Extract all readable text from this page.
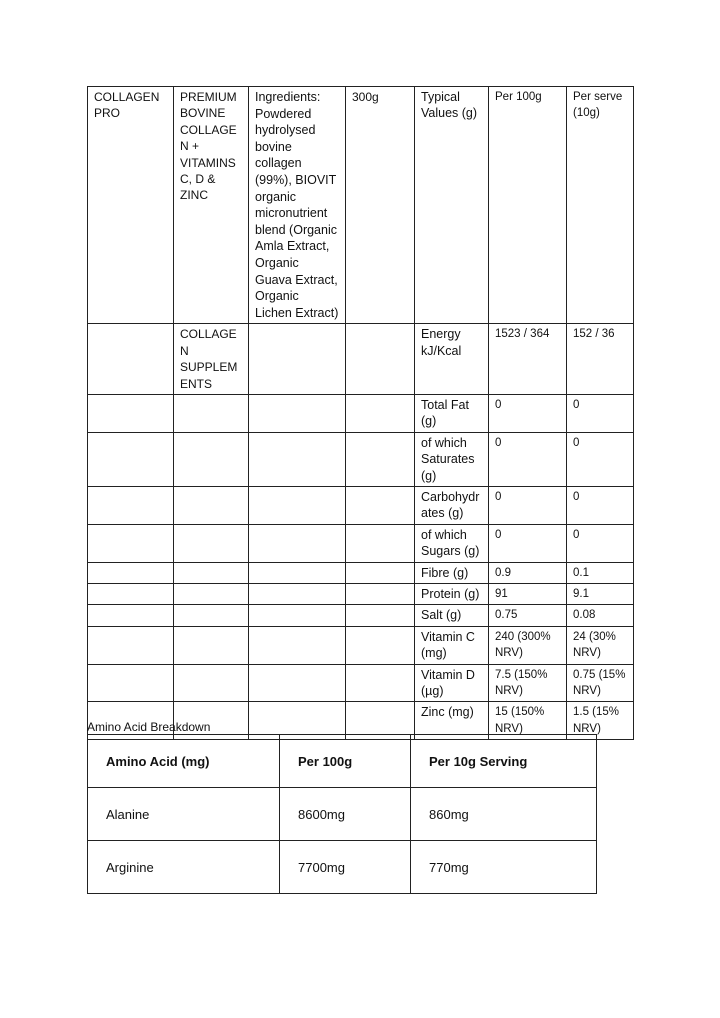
COLLAGENPRO	PREMIUM BOVINE COLLAGEN + VITAMINS C, D & ZINC	Ingredients: Powdered hydrolysed bovine collagen (99%), BIOVIT organic micronutrient blend (Organic Amla Extract, Organic Guava Extract, Organic Lichen Extract)	300g	Typical Values (g)	Per 100g	Per serve (10g)
	COLLAGEN SUPPLEMENTS			Energy kJ/Kcal	1523 / 364	152 / 36
				Total Fat (g)	0	0
				of which Saturates (g)	0	0
				Carbohydrates (g)	0	0
				of which Sugars (g)	0	0
				Fibre (g)	0.9	0.1
				Protein (g)	91	9.1
				Salt (g)	0.75	0.08
				Vitamin C (mg)	240 (300% NRV)	24 (30% NRV)
				Vitamin D (µg)	7.5 (150% NRV)	0.75 (15% NRV)
				Zinc (mg)	15 (150% NRV)	1.5 (15% NRV)
Amino Acid Breakdown
Amino Acid (mg)	Per 100g	Per 10g Serving
Alanine	8600mg	860mg
Arginine	7700mg	770mg
